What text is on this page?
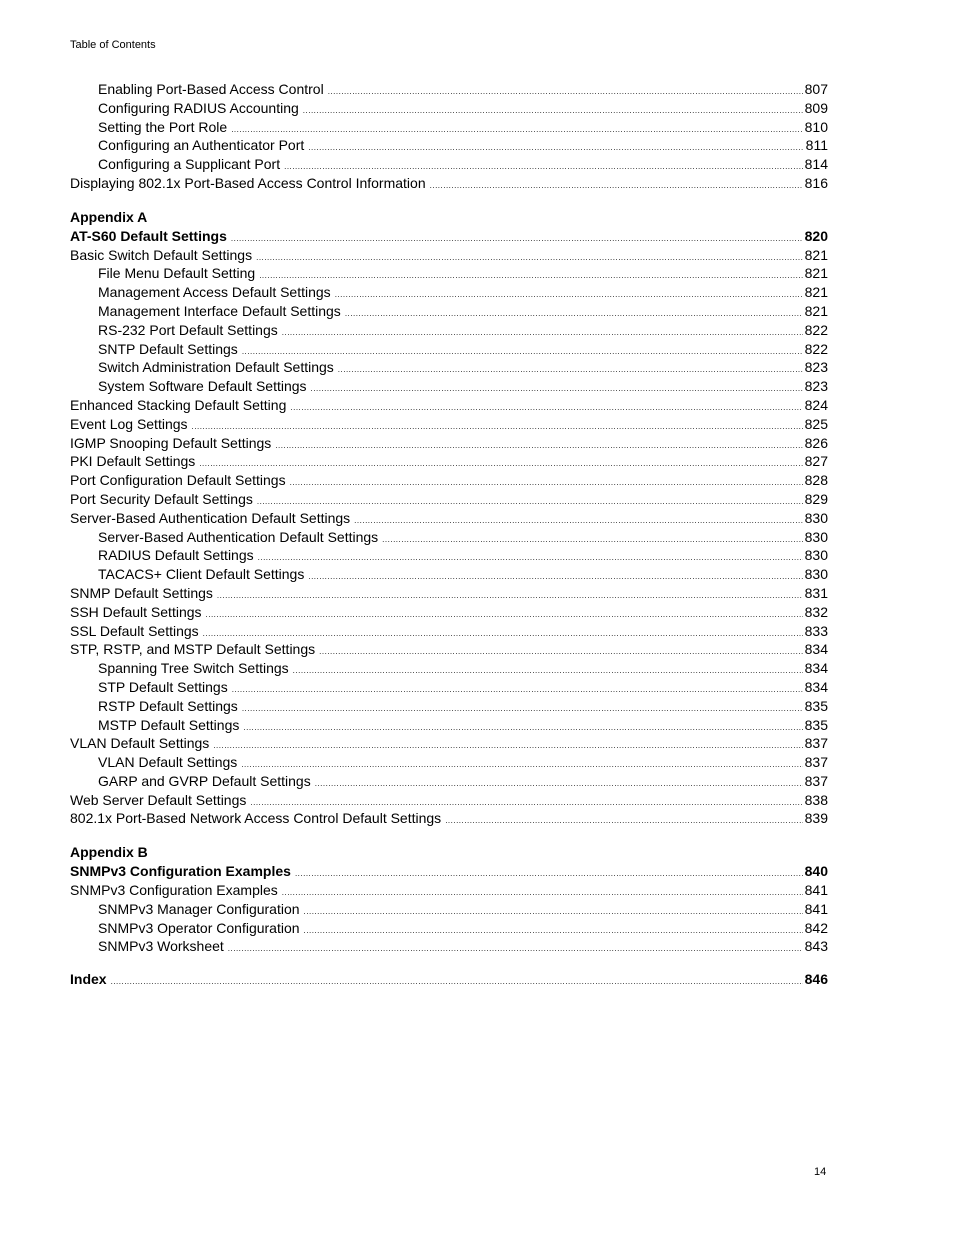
Table of Contents
Enabling Port-Based Access Control .....	807
Configuring RADIUS Accounting .....	809
Setting the Port Role .....	810
Configuring an Authenticator Port .....	811
Configuring a Supplicant Port .....	814
Displaying 802.1x Port-Based Access Control Information .....	816
Appendix A
AT-S60 Default Settings .....	820
Basic Switch Default Settings .....	821
File Menu Default Setting .....	821
Management Access Default Settings .....	821
Management Interface Default Settings .....	821
RS-232 Port Default Settings .....	822
SNTP Default Settings .....	822
Switch Administration Default Settings .....	823
System Software Default Settings .....	823
Enhanced Stacking Default Setting .....	824
Event Log Settings .....	825
IGMP Snooping Default Settings .....	826
PKI Default Settings .....	827
Port Configuration Default Settings .....	828
Port Security Default Settings .....	829
Server-Based Authentication Default Settings .....	830
Server-Based Authentication Default Settings .....	830
RADIUS Default Settings .....	830
TACACS+ Client Default Settings .....	830
SNMP Default Settings .....	831
SSH Default Settings .....	832
SSL Default Settings .....	833
STP, RSTP, and MSTP Default Settings .....	834
Spanning Tree Switch Settings .....	834
STP Default Settings .....	834
RSTP Default Settings .....	835
MSTP Default Settings .....	835
VLAN Default Settings .....	837
VLAN Default Settings .....	837
GARP and GVRP Default Settings .....	837
Web Server Default Settings .....	838
802.1x Port-Based Network Access Control Default Settings .....	839
Appendix B
SNMPv3 Configuration Examples .....	840
SNMPv3 Configuration Examples .....	841
SNMPv3 Manager Configuration .....	841
SNMPv3 Operator Configuration .....	842
SNMPv3 Worksheet .....	843
Index .....	846
14
